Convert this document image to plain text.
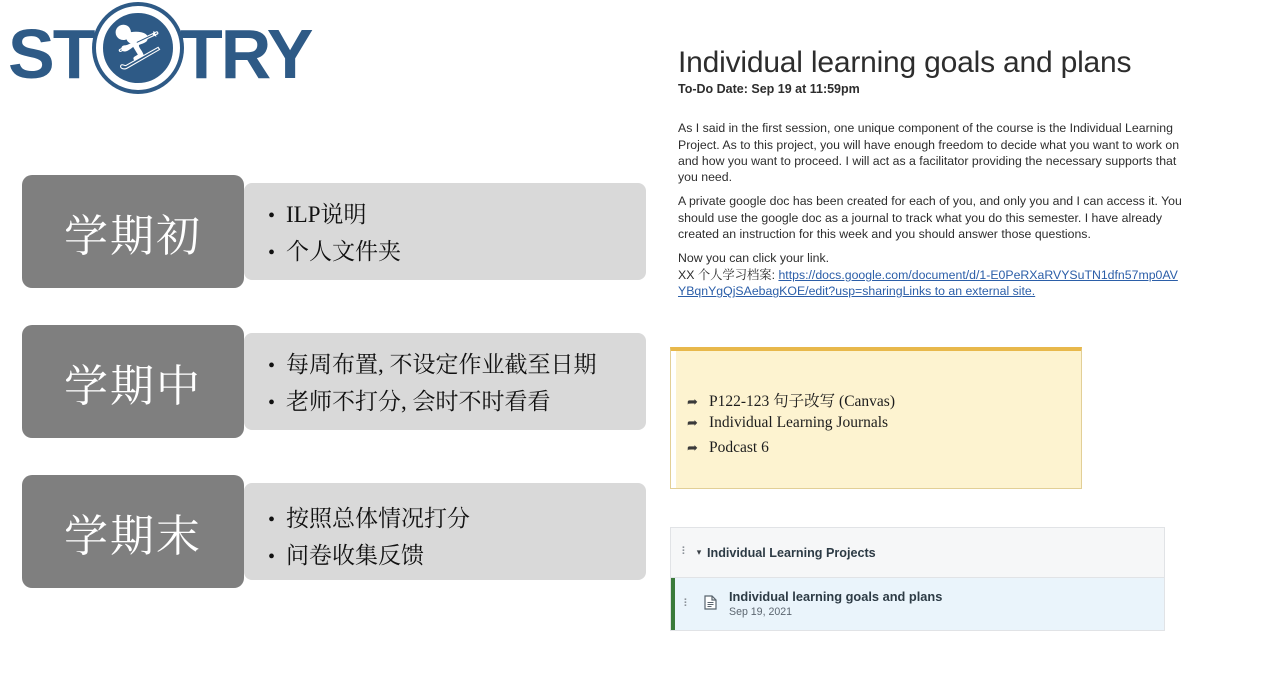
ST ⛷ TRY
学期初	• ILP说明
• 个人文件夹
学期中	• 每周布置, 不设定作业截至日期
• 老师不打分, 会时不时看看
学期末	• 按照总体情况打分
• 问卷收集反馈
Individual learning goals and plans
To-Do Date: Sep 19 at 11:59pm

As I said in the first session, one unique component of the course is the Individual Learning Project. As to this project, you will have enough freedom to decide what you want to work on and how you want to proceed. I will act as a facilitator providing the necessary supports that you need.

A private google doc has been created for each of you, and only you and I can access it. You should use the google doc as a journal to track what you do this semester. I have already created an instruction for this week and you should answer those questions.

Now you can click your link.

XX 个人学习档案: https://docs.google.com/document/d/1-E0PeRXaRVYSuTN1dfn57mp0AVYBqnYgQjSAebagKOE/edit?usp=sharingLinks to an external site.
➦ P122-123 句子改写 (Canvas)
➦ Individual Learning Journals
➦ Podcast 6
⠇ ▾ Individual Learning Projects
⠇	Individual learning goals and plans
Sep 19, 2021
